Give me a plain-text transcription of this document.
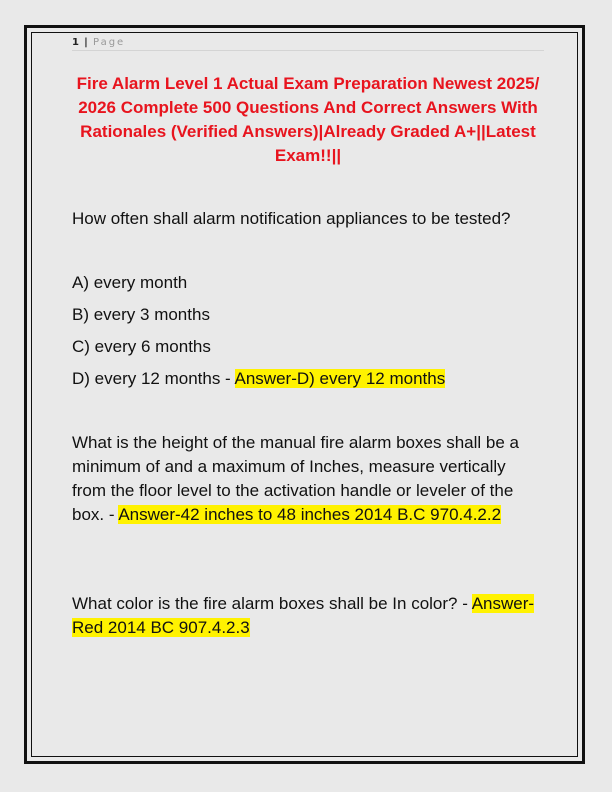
1 | Page
Fire Alarm Level 1 Actual Exam Preparation Newest 2025/ 2026 Complete 500 Questions And Correct Answers With Rationales (Verified Answers)|Already Graded A+||Latest Exam!!||

How often shall alarm notification appliances to be tested?

A) every month

B) every 3 months

C) every 6 months

D) every 12 months - Answer-D) every 12 months

What is the height of the manual fire alarm boxes shall be a minimum of and a maximum of Inches, measure vertically from the floor level to the activation handle or leveler of the box. - Answer-42 inches to 48 inches 2014 B.C 970.4.2.2

What color is the fire alarm boxes shall be In color? - Answer-Red 2014 BC 907.4.2.3
